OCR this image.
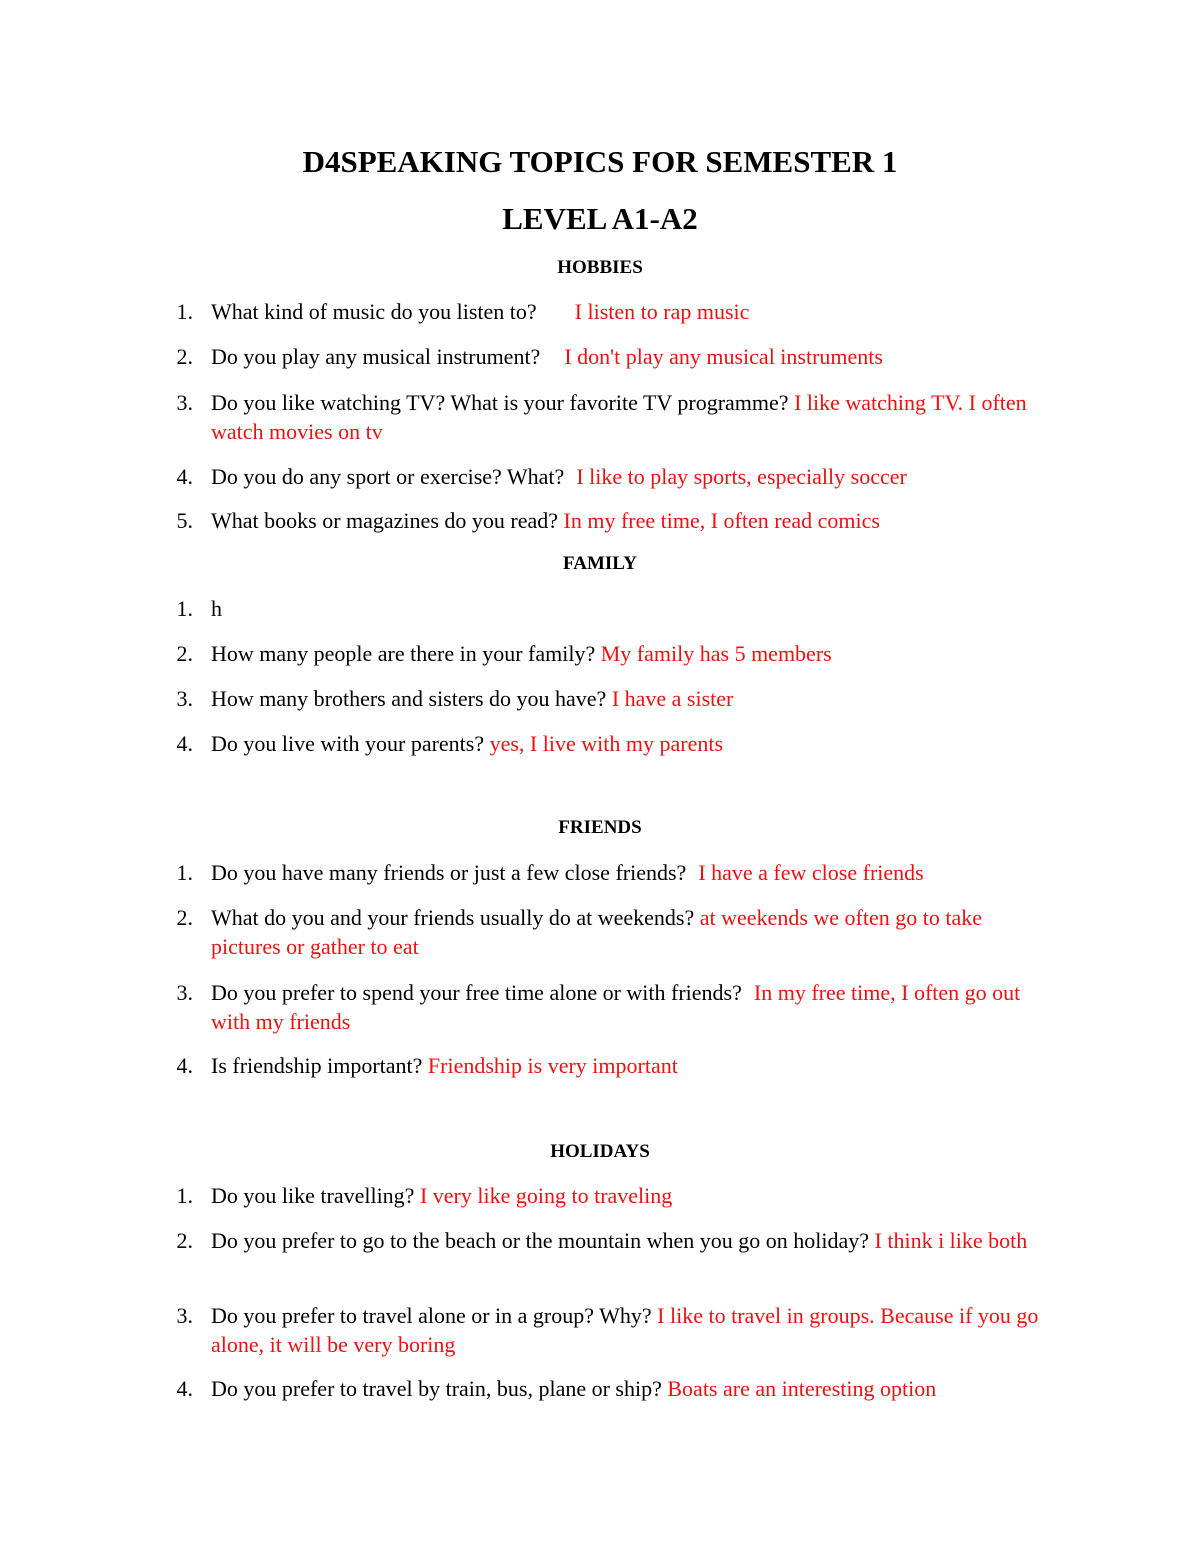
D4SPEAKING TOPICS FOR SEMESTER 1
LEVEL A1-A2
HOBBIES
1. What kind of music do you listen to? I listen to rap music
2. Do you play any musical instrument? I don't play any musical instruments
3. Do you like watching TV? What is your favorite TV programme? I like watching TV. I often watch movies on tv
4. Do you do any sport or exercise? What? I like to play sports, especially soccer
5. What books or magazines do you read? In my free time, I often read comics
FAMILY
1. h
2. How many people are there in your family? My family has 5 members
3. How many brothers and sisters do you have? I have a sister
4. Do you live with your parents? yes, I live with my parents
FRIENDS
1. Do you have many friends or just a few close friends? I have a few close friends
2. What do you and your friends usually do at weekends? at weekends we often go to take pictures or gather to eat
3. Do you prefer to spend your free time alone or with friends? In my free time, I often go out with my friends
4. Is friendship important? Friendship is very important
HOLIDAYS
1. Do you like travelling? I very like going to traveling
2. Do you prefer to go to the beach or the mountain when you go on holiday? I think i like both
3. Do you prefer to travel alone or in a group? Why? I like to travel in groups. Because if you go alone, it will be very boring
4. Do you prefer to travel by train, bus, plane or ship? Boats are an interesting option
